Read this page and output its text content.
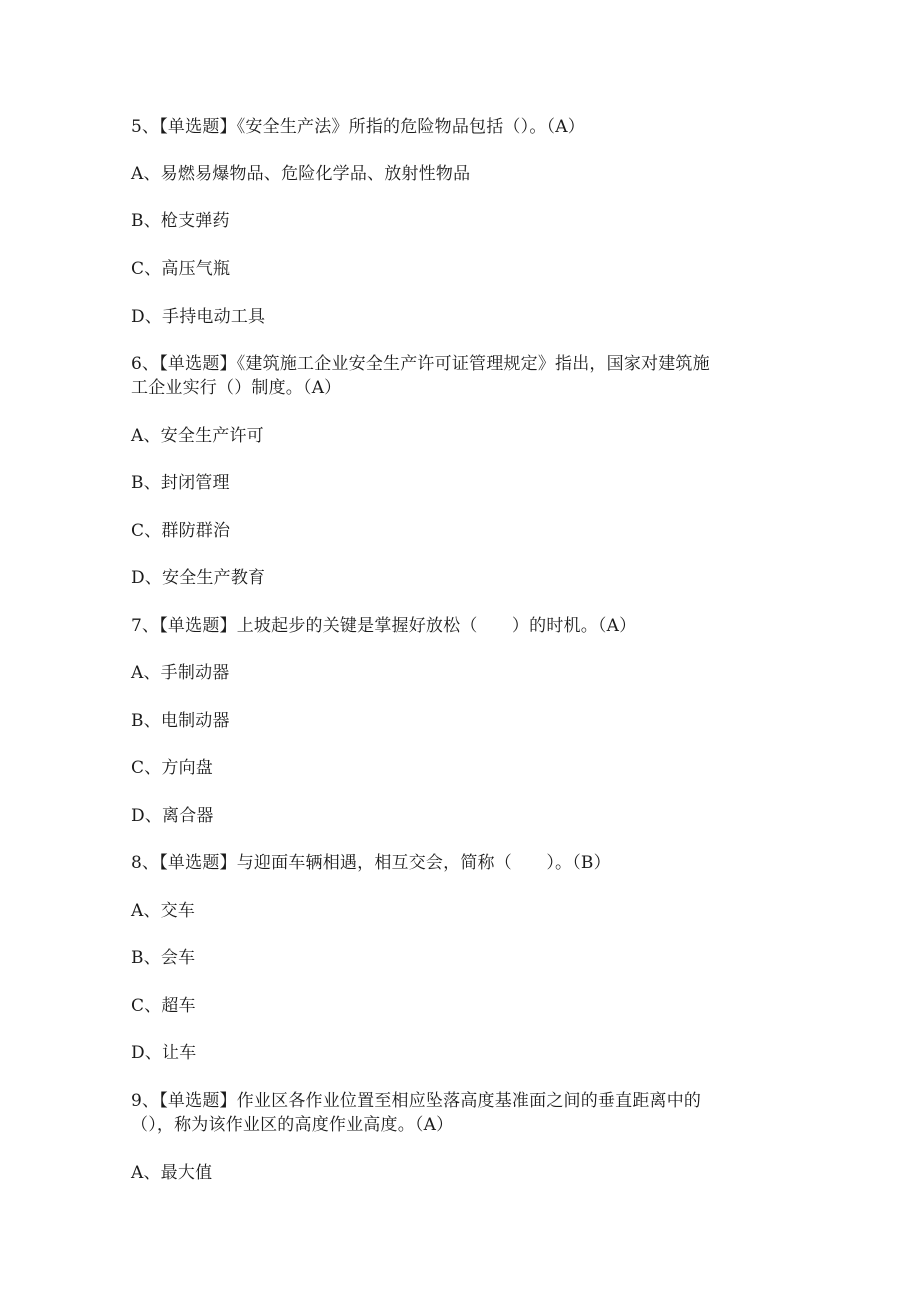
5、【单选题】《安全生产法》所指的危险物品包括（）。（A）
A、易燃易爆物品、危险化学品、放射性物品
B、枪支弹药
C、高压气瓶
D、手持电动工具
6、【单选题】《建筑施工企业安全生产许可证管理规定》指出，国家对建筑施
工企业实行（）制度。（A）
A、安全生产许可
B、封闭管理
C、群防群治
D、安全生产教育
7、【单选题】上坡起步的关键是掌握好放松（　　）的时机。（A）
A、手制动器
B、电制动器
C、方向盘
D、离合器
8、【单选题】与迎面车辆相遇，相互交会，简称（　　）。（B）
A、交车
B、会车
C、超车
D、让车
9、【单选题】作业区各作业位置至相应坠落高度基准面之间的垂直距离中的
（），称为该作业区的高度作业高度。（A）
A、最大值
